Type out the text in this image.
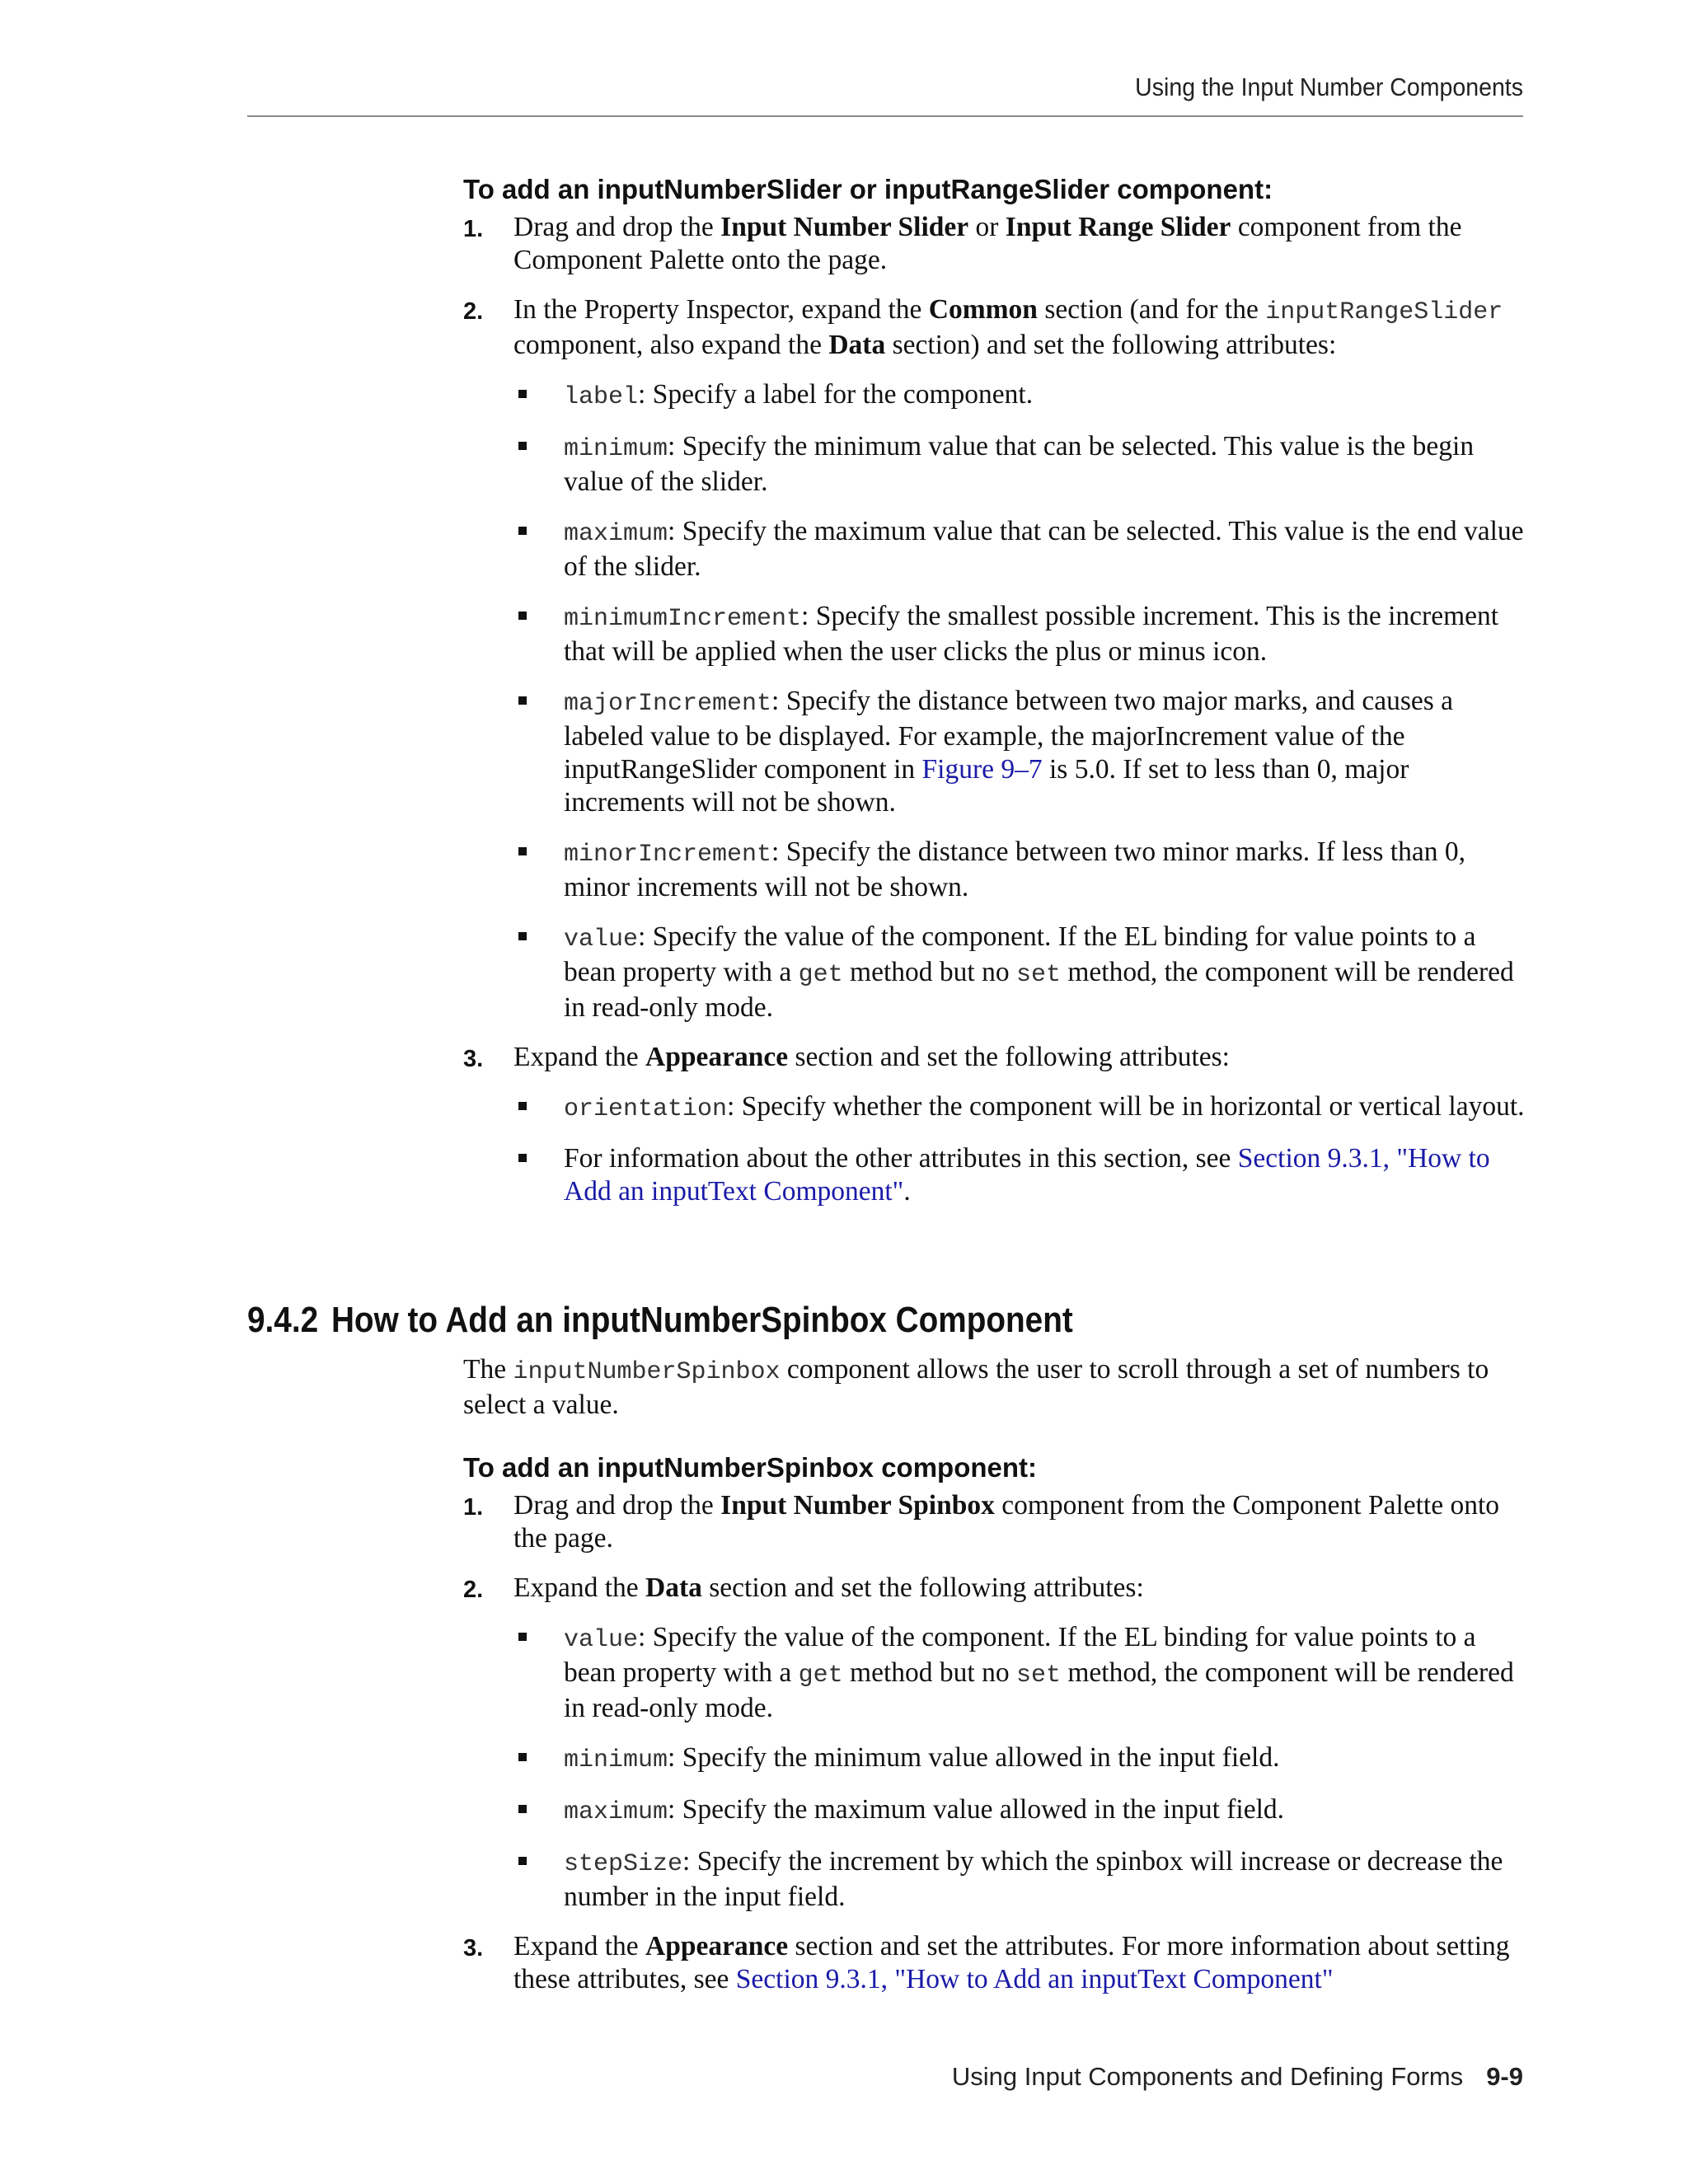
Using the Input Number Components
To add an inputNumberSlider or inputRangeSlider component:
1. Drag and drop the Input Number Slider or Input Range Slider component from the Component Palette onto the page.
2. In the Property Inspector, expand the Common section (and for the inputRangeSlider component, also expand the Data section) and set the following attributes:
label: Specify a label for the component.
minimum: Specify the minimum value that can be selected. This value is the begin value of the slider.
maximum: Specify the maximum value that can be selected. This value is the end value of the slider.
minimumIncrement: Specify the smallest possible increment. This is the increment that will be applied when the user clicks the plus or minus icon.
majorIncrement: Specify the distance between two major marks, and causes a labeled value to be displayed. For example, the majorIncrement value of the inputRangeSlider component in Figure 9–7 is 5.0. If set to less than 0, major increments will not be shown.
minorIncrement: Specify the distance between two minor marks. If less than 0, minor increments will not be shown.
value: Specify the value of the component. If the EL binding for value points to a bean property with a get method but no set method, the component will be rendered in read-only mode.
3. Expand the Appearance section and set the following attributes:
orientation: Specify whether the component will be in horizontal or vertical layout.
For information about the other attributes in this section, see Section 9.3.1, "How to Add an inputText Component".
9.4.2 How to Add an inputNumberSpinbox Component

The inputNumberSpinbox component allows the user to scroll through a set of numbers to select a value.

To add an inputNumberSpinbox component:
1. Drag and drop the Input Number Spinbox component from the Component Palette onto the page.
2. Expand the Data section and set the following attributes:
value: Specify the value of the component. If the EL binding for value points to a bean property with a get method but no set method, the component will be rendered in read-only mode.
minimum: Specify the minimum value allowed in the input field.
maximum: Specify the maximum value allowed in the input field.
stepSize: Specify the increment by which the spinbox will increase or decrease the number in the input field.
3. Expand the Appearance section and set the attributes. For more information about setting these attributes, see Section 9.3.1, "How to Add an inputText Component"
Using Input Components and Defining Forms 9-9
